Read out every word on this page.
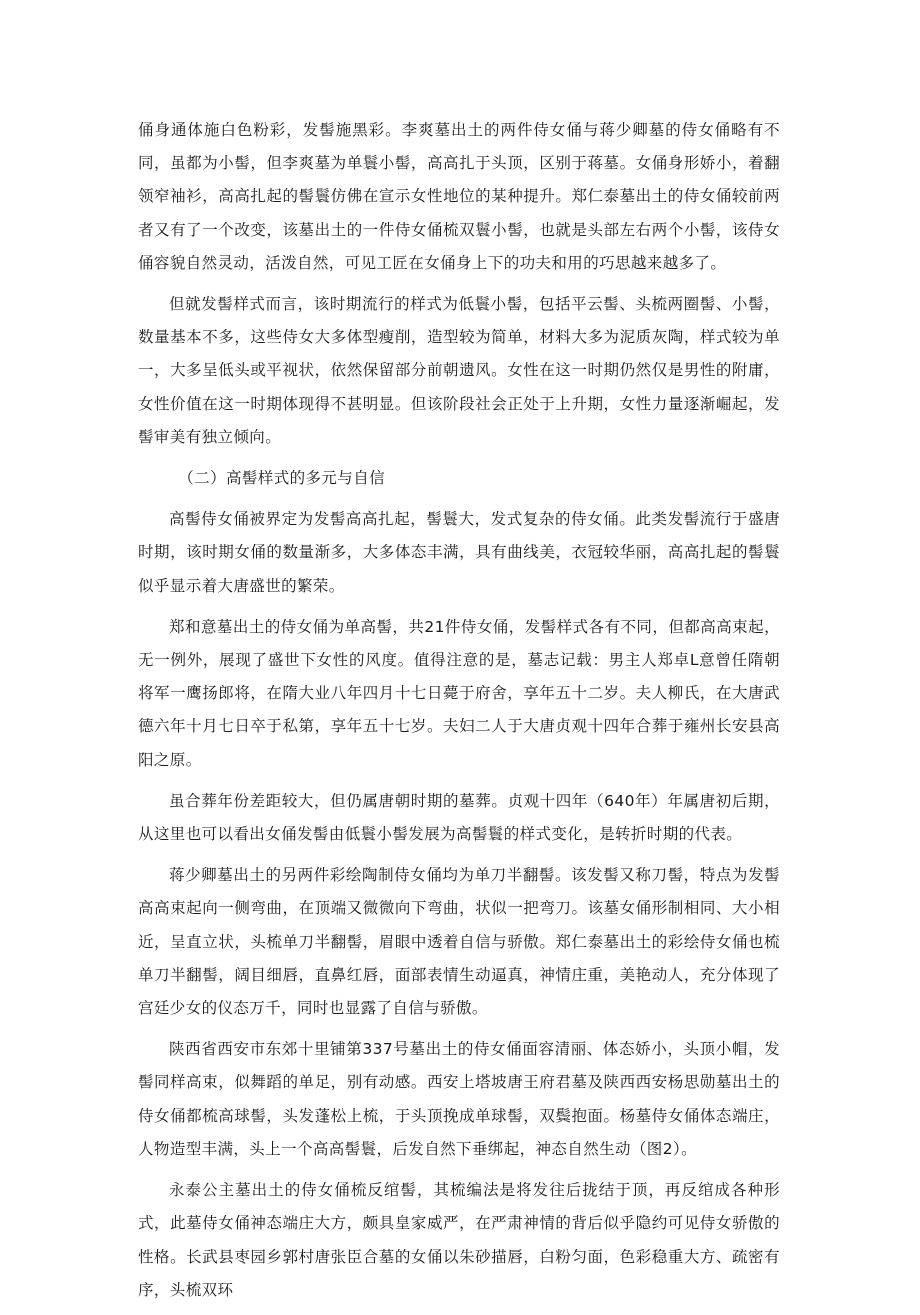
俑身通体施白色粉彩，发髻施黑彩。李爽墓出土的两件侍女俑与蒋少卿墓的侍女俑略有不同，虽都为小髻，但李爽墓为单鬟小髻，高高扎于头顶，区别于蒋墓。女俑身形娇小，着翻领窄袖衫，高高扎起的髻鬟仿佛在宣示女性地位的某种提升。郑仁泰墓出土的侍女俑较前两者又有了一个改变，该墓出土的一件侍女俑梳双鬟小髻，也就是头部左右两个小髻，该侍女俑容貌自然灵动，活泼自然，可见工匠在女俑身上下的功夫和用的巧思越来越多了。

但就发髻样式而言，该时期流行的样式为低鬟小髻，包括平云髻、头梳两圈髻、小髻，数量基本不多，这些侍女大多体型瘦削，造型较为简单，材料大多为泥质灰陶，样式较为单一，大多呈低头或平视状，依然保留部分前朝遗风。女性在这一时期仍然仅是男性的附庸，女性价值在这一时期体现得不甚明显。但该阶段社会正处于上升期，女性力量逐渐崛起，发髻审美有独立倾向。

（二）高髻样式的多元与自信

高髻侍女俑被界定为发髻高高扎起，髻鬟大，发式复杂的侍女俑。此类发髻流行于盛唐时期，该时期女俑的数量渐多，大多体态丰满，具有曲线美，衣冠较华丽，高高扎起的髻鬟似乎显示着大唐盛世的繁荣。

郑和意墓出土的侍女俑为单高髻，共21件侍女俑，发髻样式各有不同，但都高高束起，无一例外，展现了盛世下女性的风度。值得注意的是，墓志记载：男主人郑卓L意曾任隋朝将军一鹰扬郎将，在隋大业八年四月十七日薨于府舍，享年五十二岁。夫人柳氏，在大唐武德六年十月七日卒于私第，享年五十七岁。夫妇二人于大唐贞观十四年合葬于雍州长安县高阳之原。

虽合葬年份差距较大，但仍属唐朝时期的墓葬。贞观十四年（640年）年属唐初后期，从这里也可以看出女俑发髻由低鬟小髻发展为高髻鬟的样式变化，是转折时期的代表。

蒋少卿墓出土的另两件彩绘陶制侍女俑均为单刀半翻髻。该发髻又称刀髻，特点为发髻高高束起向一侧弯曲，在顶端又微微向下弯曲，状似一把弯刀。该墓女俑形制相同、大小相近，呈直立状，头梳单刀半翻髻，眉眼中透着自信与骄傲。郑仁泰墓出土的彩绘侍女俑也梳单刀半翻髻，阔目细唇，直鼻红唇，面部表情生动逼真，神情庄重，美艳动人，充分体现了宫廷少女的仪态万千，同时也显露了自信与骄傲。

陕西省西安市东郊十里铺第337号墓出土的侍女俑面容清丽、体态娇小，头顶小帽，发髻同样高束，似舞蹈的单足，别有动感。西安上塔坡唐王府君墓及陕西西安杨思勋墓出土的侍女俑都梳高球髻，头发蓬松上梳，于头顶挽成单球髻，双鬓抱面。杨墓侍女俑体态端庄，人物造型丰满，头上一个高高髻鬟，后发自然下垂绑起，神态自然生动（图2）。

永泰公主墓出土的侍女俑梳反绾髻，其梳编法是将发往后拢结于顶，再反绾成各种形式，此墓侍女俑神态端庄大方，颇具皇家威严，在严肃神情的背后似乎隐约可见侍女骄傲的性格。长武县枣园乡郭村唐张臣合墓的女俑以朱砂描唇，白粉匀面，色彩稳重大方、疏密有序，头梳双环
